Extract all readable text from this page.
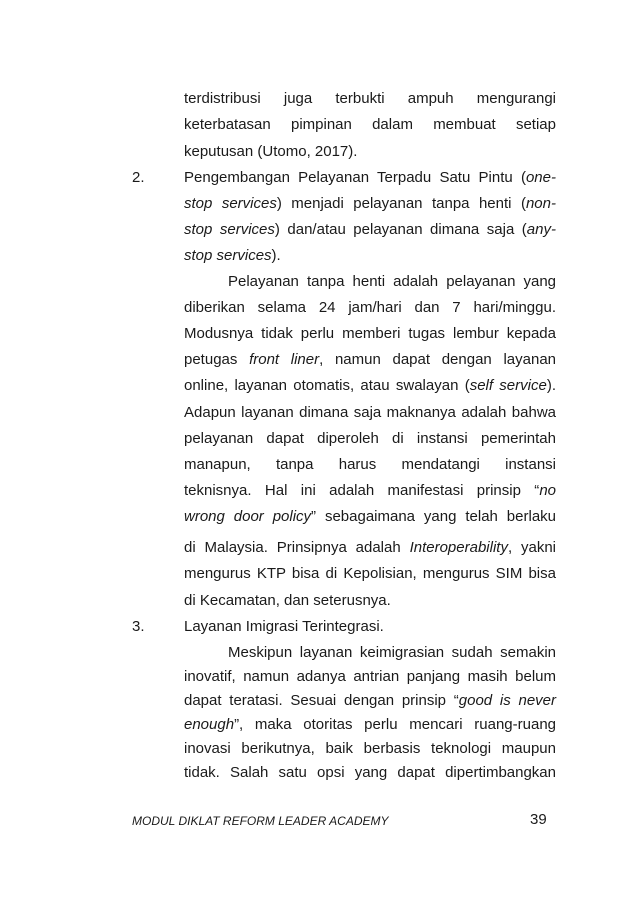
2.
3.
terdistribusi juga terbukti ampuh mengurangi
keterbatasan pimpinan dalam membuat setiap
keputusan (Utomo, 2017).
Pengembangan Pelayanan Terpadu Satu Pintu (one-
stop services) menjadi pelayanan tanpa henti (non-
stop services) dan/atau pelayanan dimana saja (any-
stop services).
Pelayanan tanpa henti adalah pelayanan yang
diberikan selama 24 jam/hari dan 7 hari/minggu.
Modusnya tidak perlu memberi tugas lembur kepada
petugas front liner, namun dapat dengan layanan
online, layanan otomatis, atau swalayan (self service).
Adapun layanan dimana saja maknanya adalah bahwa
pelayanan dapat diperoleh di instansi pemerintah
manapun, tanpa harus mendatangi instansi
teknisnya. Hal ini adalah manifestasi prinsip “no
wrong door policy” sebagaimana yang telah berlaku
di Malaysia. Prinsipnya adalah Interoperability, yakni
mengurus KTP bisa di Kepolisian, mengurus SIM bisa
di Kecamatan, dan seterusnya.
Layanan Imigrasi Terintegrasi.
Meskipun layanan keimigrasian sudah semakin
inovatif, namun adanya antrian panjang masih belum
dapat teratasi. Sesuai dengan prinsip “good is never
enough”, maka otoritas perlu mencari ruang-ruang
inovasi berikutnya, baik berbasis teknologi maupun
tidak. Salah satu opsi yang dapat dipertimbangkan
MODUL DIKLAT REFORM LEADER ACADEMY	39
